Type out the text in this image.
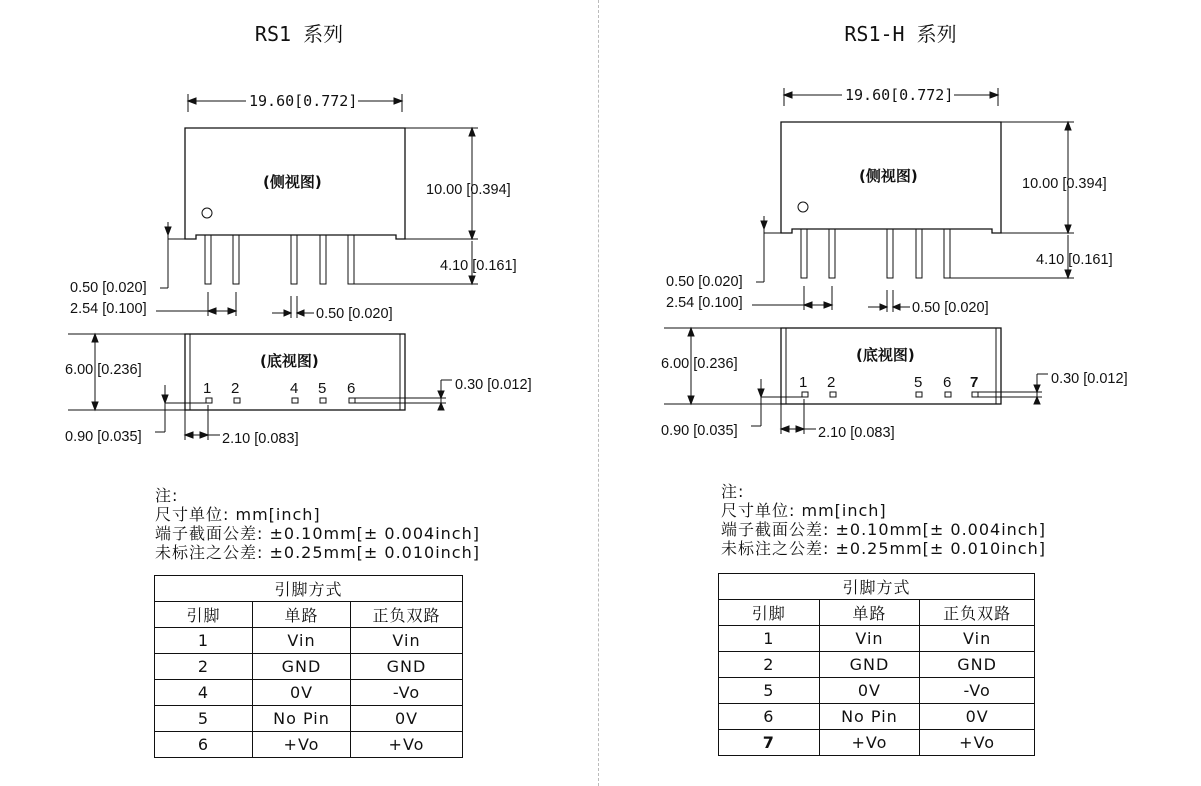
RS1 系列
19.60[0.772]
(侧视图)	10.00 [0.394]
4.10 [0.161]
0.50 [0.020]
2.54 [0.100]	0.50 [0.020]
(底视图)
6.00 [0.236]
0.30 [0.012]
0.90 [0.035]	2.10 [0.083]
1 2	4 5 6
注:
尺寸单位: mm[inch]
端子截面公差: ±0.10mm[± 0.004inch]
未标注之公差: ±0.25mm[± 0.010inch]
引脚方式		
引脚	单路	正负双路
1	Vin	Vin
2	GND	GND
4	0V	-Vo
5	No Pin	0V
6	+Vo	+Vo
RS1-H 系列
19.60[0.772]
(侧视图)	10.00 [0.394]
4.10 [0.161]
0.50 [0.020]
2.54 [0.100]	0.50 [0.020]
(底视图)
6.00 [0.236]
0.30 [0.012]
0.90 [0.035]	2.10 [0.083]
1 2	5 6 7
注:
尺寸单位: mm[inch]
端子截面公差: ±0.10mm[± 0.004inch]
未标注之公差: ±0.25mm[± 0.010inch]
引脚方式		
引脚	单路	正负双路
1	Vin	Vin
2	GND	GND
5	0V	-Vo
6	No Pin	0V
7	+Vo	+Vo
